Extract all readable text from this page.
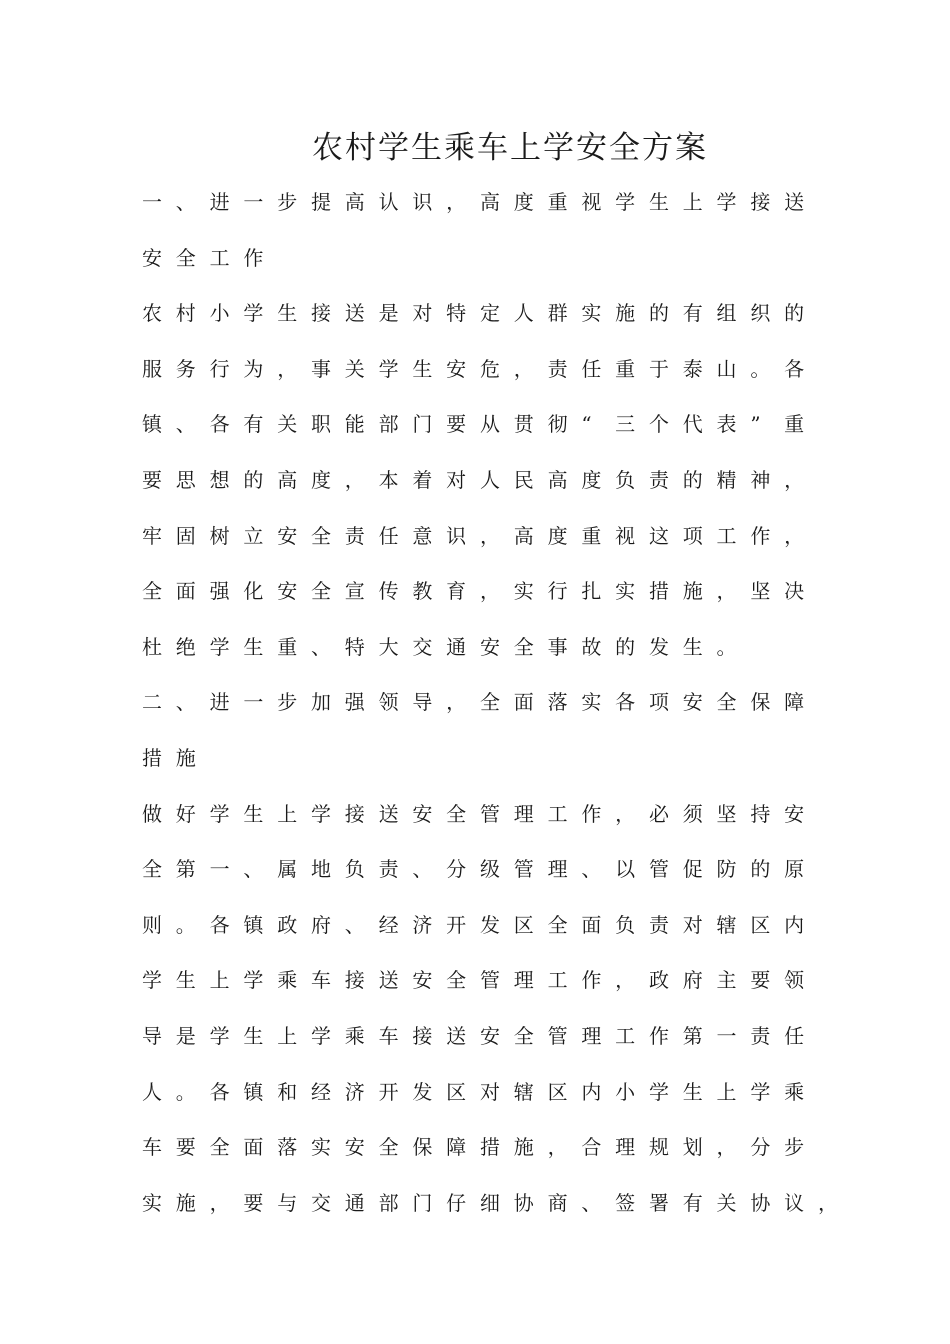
农村学生乘车上学安全方案
一 、 进 一 步 提 高 认 识 ， 高 度 重 视 学 生 上 学 接 送
安 全 工 作
农 村 小 学 生 接 送 是 对 特 定 人 群 实 施 的 有 组 织 的
服 务 行 为 ， 事 关 学 生 安 危 ， 责 任 重 于 泰 山 。 各
镇 、 各 有 关 职 能 部 门 要 从 贯 彻 “ 三 个 代 表 ” 重
要 思 想 的 高 度 ， 本 着 对 人 民 高 度 负 责 的 精 神 ，
牢 固 树 立 安 全 责 任 意 识 ， 高 度 重 视 这 项 工 作 ，
全 面 强 化 安 全 宣 传 教 育 ， 实 行 扎 实 措 施 ， 坚 决
杜 绝 学 生 重 、 特 大 交 通 安 全 事 故 的 发 生 。
二 、 进 一 步 加 强 领 导 ， 全 面 落 实 各 项 安 全 保 障
措 施
做 好 学 生 上 学 接 送 安 全 管 理 工 作 ， 必 须 坚 持 安
全 第 一 、 属 地 负 责 、 分 级 管 理 、 以 管 促 防 的 原
则 。 各 镇 政 府 、 经 济 开 发 区 全 面 负 责 对 辖 区 内
学 生 上 学 乘 车 接 送 安 全 管 理 工 作 ， 政 府 主 要 领
导 是 学 生 上 学 乘 车 接 送 安 全 管 理 工 作 第 一 责 任
人 。 各 镇 和 经 济 开 发 区 对 辖 区 内 小 学 生 上 学 乘
车 要 全 面 落 实 安 全 保 障 措 施 ， 合 理 规 划 ， 分 步
实 施 ， 要 与 交 通 部 门 仔 细 协 商 、 签 署 有 关 协 议 ，
